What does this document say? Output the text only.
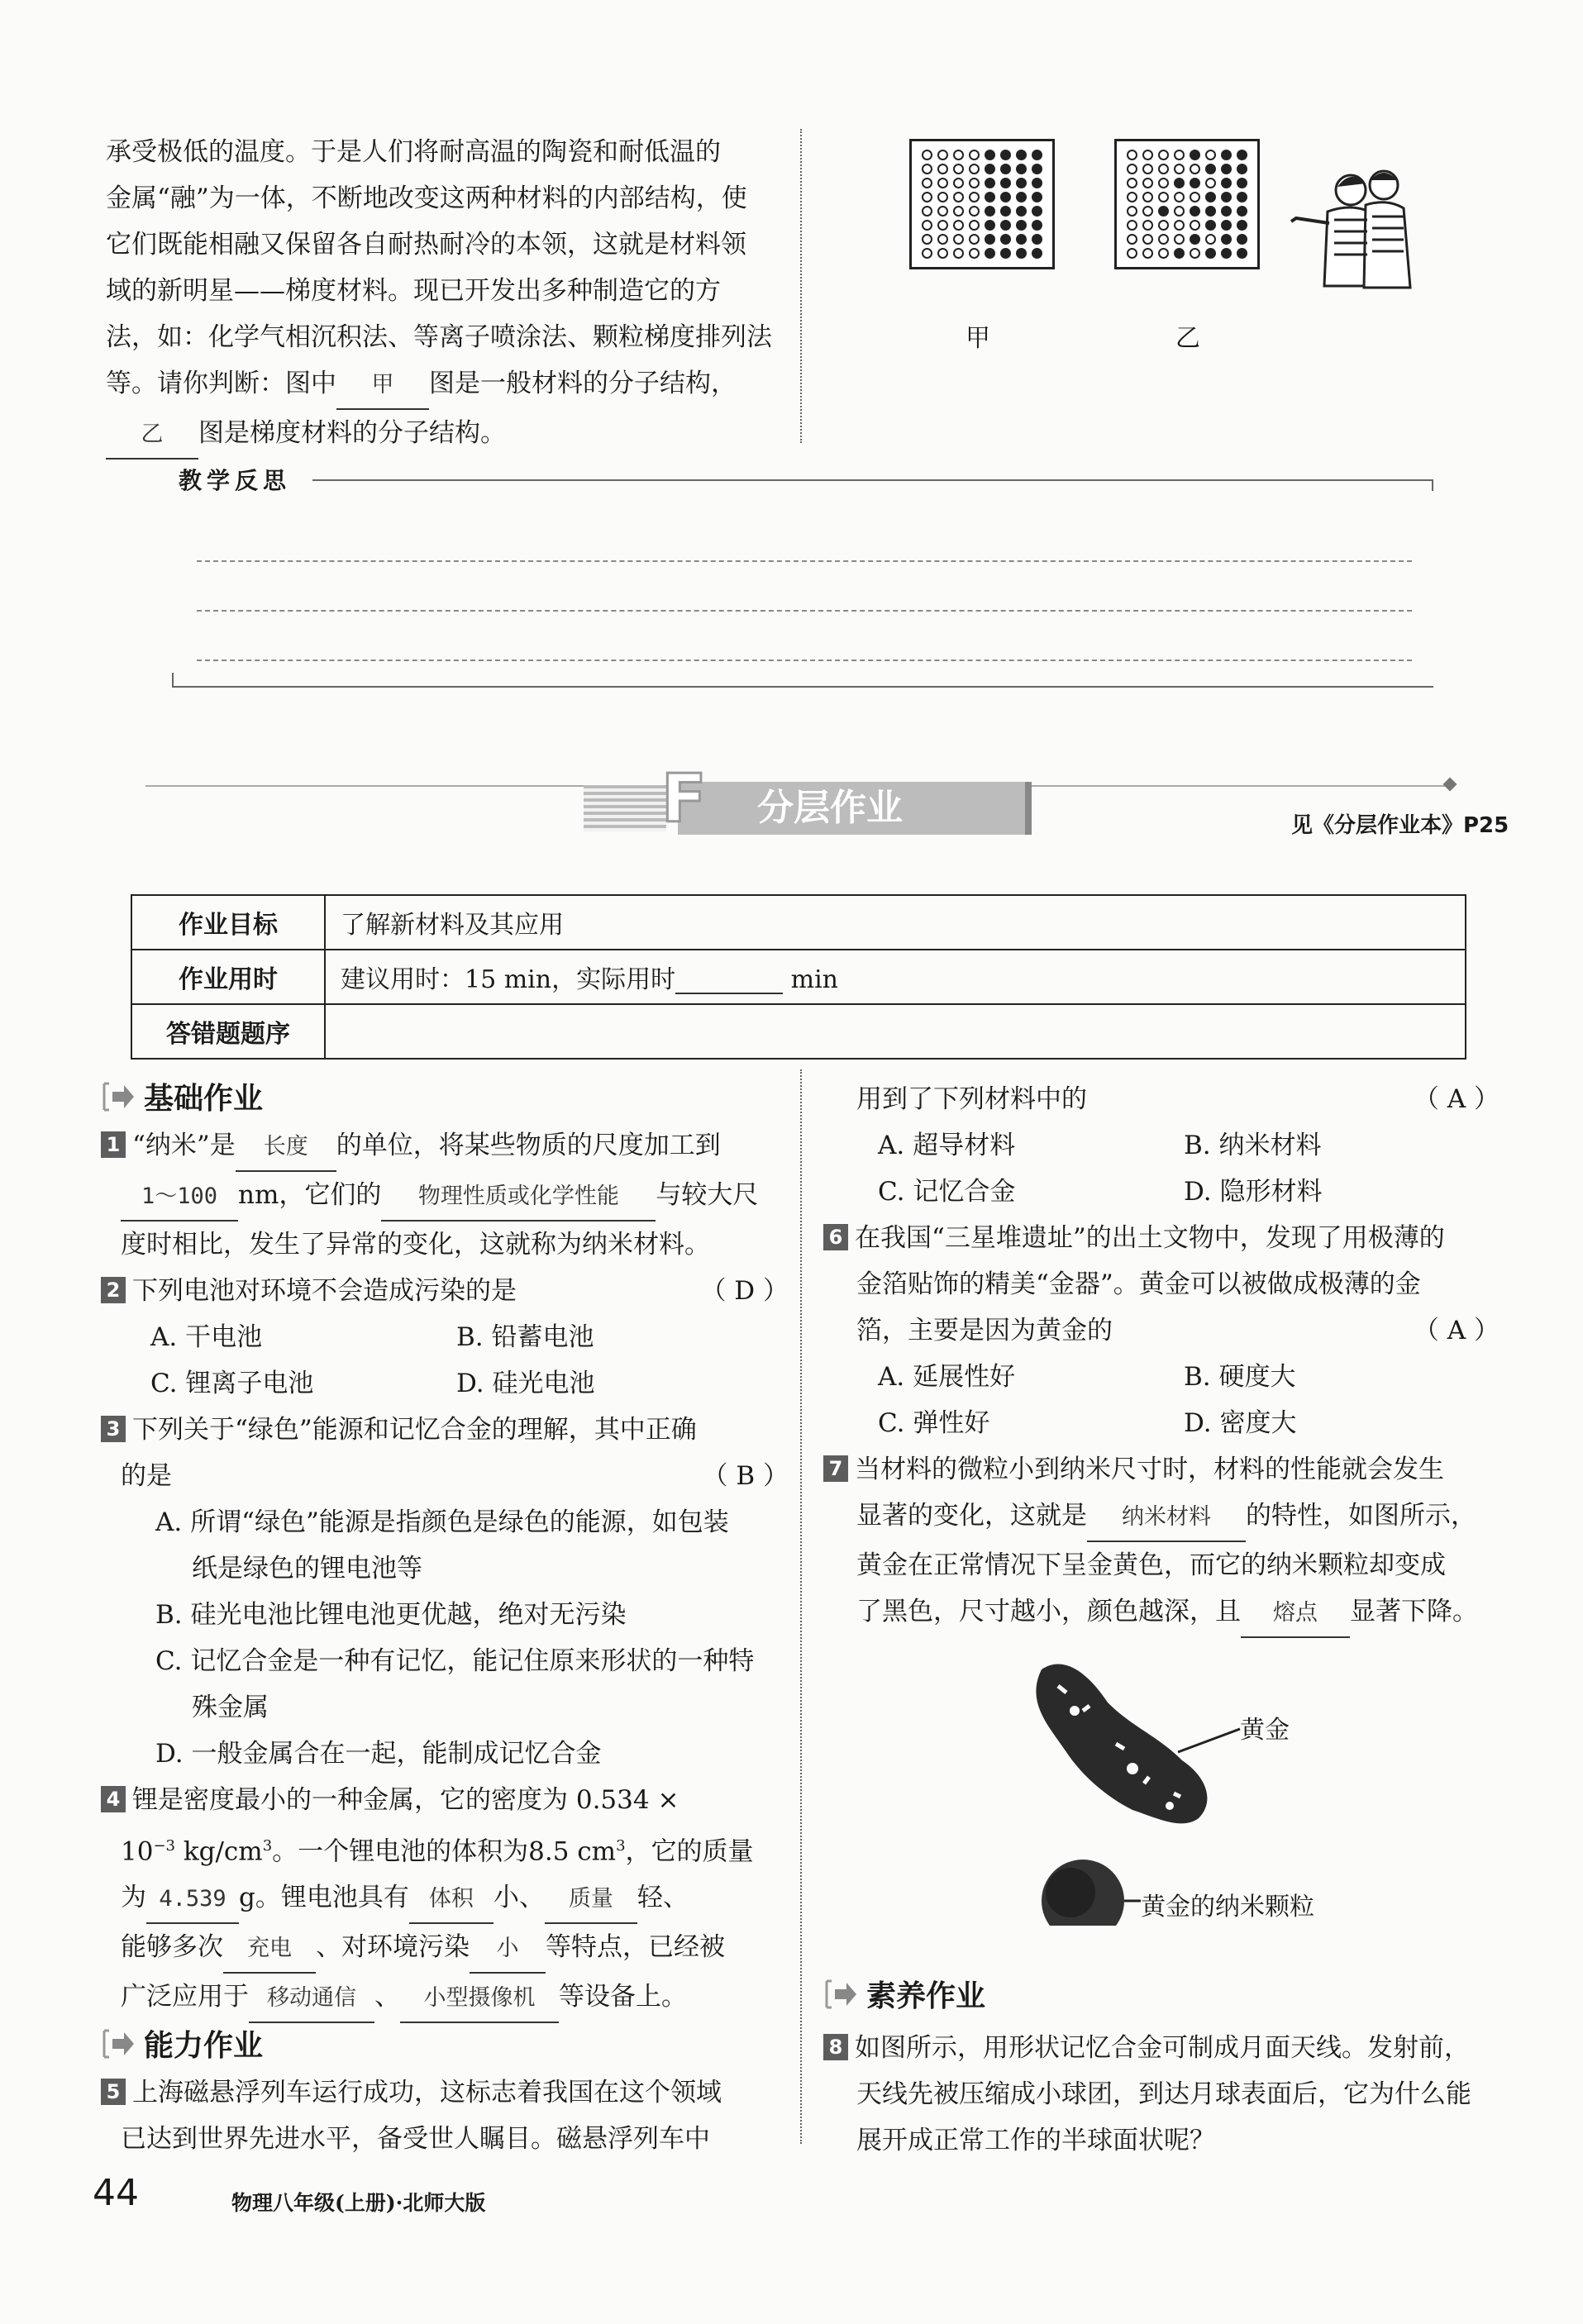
承受极低的温度。于是人们将耐高温的陶瓷和耐低温的
金属“融”为一体，不断地改变这两种材料的内部结构，使
它们既能相融又保留各自耐热耐冷的本领，这就是材料领
域的新明星——梯度材料。现已开发出多种制造它的方
法，如：化学气相沉积法、等离子喷涂法、颗粒梯度排列法
等。请你判断：图中 甲 图是一般材料的分子结构，
乙 图是梯度材料的分子结构。
甲	乙
教学反思
分层作业
F	见《分层作业本》P25
作业目标	了解新材料及其应用
作业用时	建议用时：15 min，实际用时 min
答错题题序	
基础作业
1 “纳米”是 长度 的单位，将某些物质的尺度加工到
1～100 nm，它们的 物理性质或化学性能 与较大尺
度时相比，发生了异常的变化，这就称为纳米材料。
2 下列电池对环境不会造成污染的是	（ D ）
A. 干电池	B. 铅蓄电池
C. 锂离子电池	D. 硅光电池
3 下列关于“绿色”能源和记忆合金的理解，其中正确
的是	（ B ）
A. 所谓“绿色”能源是指颜色是绿色的能源，如包装
纸是绿色的锂电池等
B. 硅光电池比锂电池更优越，绝对无污染
C. 记忆合金是一种有记忆，能记住原来形状的一种特
殊金属
D. 一般金属合在一起，能制成记忆合金
4 锂是密度最小的一种金属，它的密度为 0.534 ×
$10^{-3}$ $kg/cm^3$。一个锂电池的体积为8.5 $cm^3$，它的质量
为 4.539 g。锂电池具有 体积 小、 质量 轻、
能够多次 充电 、对环境污染 小 等特点，已经被
广泛应用于 移动通信 、 小型摄像机 等设备上。
能力作业
5 上海磁悬浮列车运行成功，这标志着我国在这个领域
已达到世界先进水平，备受世人瞩目。磁悬浮列车中
用到了下列材料中的	（ A ）
A. 超导材料	B. 纳米材料
C. 记忆合金	D. 隐形材料
6 在我国“三星堆遗址”的出土文物中，发现了用极薄的
金箔贴饰的精美“金器”。黄金可以被做成极薄的金
箔，主要是因为黄金的	（ A ）
A. 延展性好	B. 硬度大
C. 弹性好	D. 密度大
7 当材料的微粒小到纳米尺寸时，材料的性能就会发生
显著的变化，这就是 纳米材料 的特性，如图所示，
黄金在正常情况下呈金黄色，而它的纳米颗粒却变成
了黑色，尺寸越小，颜色越深，且 熔点 显著下降。
黄金
黄金的纳米颗粒
素养作业
8 如图所示，用形状记忆合金可制成月面天线。发射前，
天线先被压缩成小球团，到达月球表面后，它为什么能
展开成正常工作的半球面状呢？
44	物理八年级(上册)·北师大版
